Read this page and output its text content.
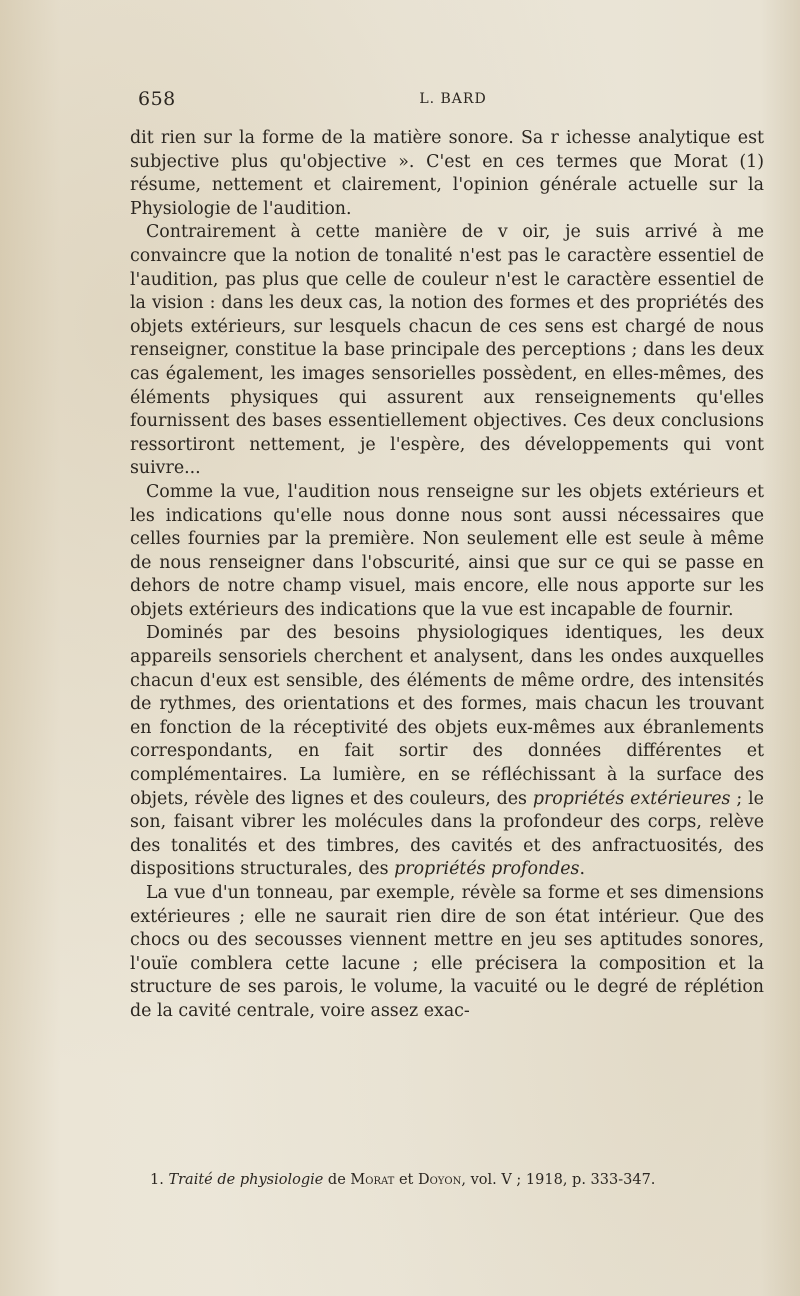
658	L. BARD

dit rien sur la forme de la matière sonore. Sa r ichesse analytique est subjective plus qu'objective ». C'est en ces termes que Morat (1) résume, nettement et clairement, l'opinion générale actuelle sur la Physiologie de l'audition.

Contrairement à cette manière de v oir, je suis arrivé à me convaincre que la notion de tonalité n'est pas le caractère essentiel de l'audition, pas plus que celle de couleur n'est le caractère essentiel de la vision : dans les deux cas, la notion des formes et des propriétés des objets extérieurs, sur lesquels chacun de ces sens est chargé de nous renseigner, constitue la base principale des perceptions ; dans les deux cas également, les images sensorielles possèdent, en elles-mêmes, des éléments physiques qui assurent aux renseignements qu'elles fournissent des bases essentiellement objectives. Ces deux conclusions ressortiront nettement, je l'espère, des développements qui vont suivre...

Comme la vue, l'audition nous renseigne sur les objets extérieurs et les indications qu'elle nous donne nous sont aussi nécessaires que celles fournies par la première. Non seulement elle est seule à même de nous renseigner dans l'obscurité, ainsi que sur ce qui se passe en dehors de notre champ visuel, mais encore, elle nous apporte sur les objets extérieurs des indications que la vue est incapable de fournir.

Dominés par des besoins physiologiques identiques, les deux appareils sensoriels cherchent et analysent, dans les ondes auxquelles chacun d'eux est sensible, des éléments de même ordre, des intensités de rythmes, des orientations et des formes, mais chacun les trouvant en fonction de la réceptivité des objets eux-mêmes aux ébranlements correspondants, en fait sortir des données différentes et complémentaires. La lumière, en se réfléchissant à la surface des objets, révèle des lignes et des couleurs, des propriétés extérieures ; le son, faisant vibrer les molécules dans la profondeur des corps, relève des tonalités et des timbres, des cavités et des anfractuosités, des dispositions structurales, des propriétés profondes.

La vue d'un tonneau, par exemple, révèle sa forme et ses dimensions extérieures ; elle ne saurait rien dire de son état intérieur. Que des chocs ou des secousses viennent mettre en jeu ses aptitudes sonores, l'ouïe comblera cette lacune ; elle précisera la composition et la structure de ses parois, le volume, la vacuité ou le degré de réplétion de la cavité centrale, voire assez exac-

1. Traité de physiologie de Morat et Doyon, vol. V ; 1918, p. 333-347.
